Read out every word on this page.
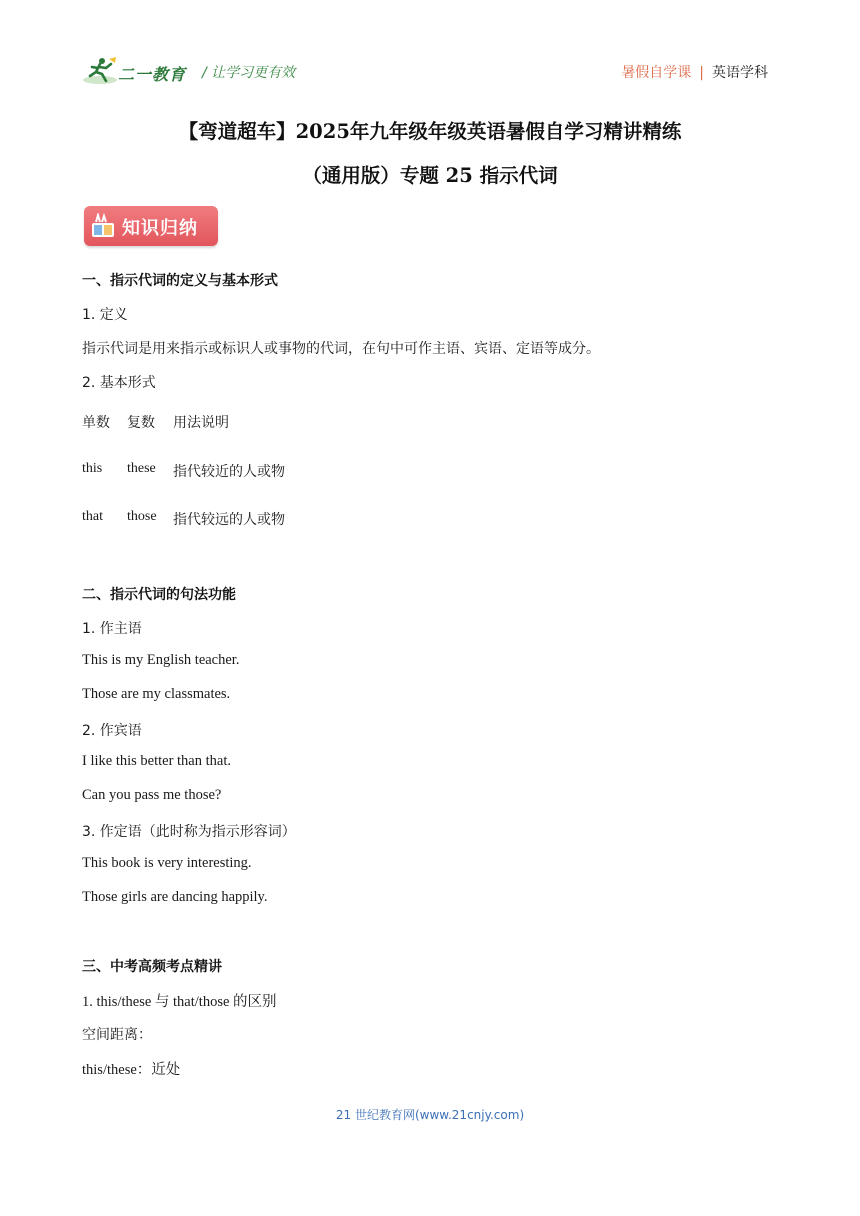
二一教育 / 让学习更有效	暑假自学课 | 英语学科
【弯道超车】2025年九年级年级英语暑假自学习精讲精练
（通用版）专题 25 指示代词
知识归纳
一、指示代词的定义与基本形式
1. 定义
指示代词是用来指示或标识人或事物的代词，在句中可作主语、宾语、定语等成分。
2. 基本形式
单数 复数 用法说明
this these 指代较近的人或物
that those 指代较远的人或物
二、指示代词的句法功能
1. 作主语
This is my English teacher.
Those are my classmates.
2. 作宾语
I like this better than that.
Can you pass me those?
3. 作定语（此时称为指示形容词）
This book is very interesting.
Those girls are dancing happily.
三、中考高频考点精讲
1. this/these 与 that/those 的区别
空间距离：
this/these：近处
21 世纪教育网(www.21cnjy.com)
